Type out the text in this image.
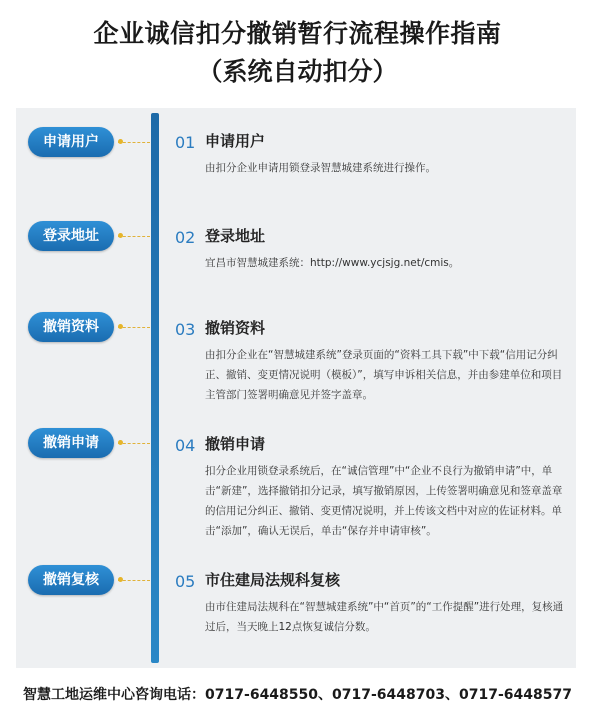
企业诚信扣分撤销暂行流程操作指南
（系统自动扣分）
申请用户	01 申请用户
由扣分企业申请用锁登录智慧城建系统进行操作。
登录地址	02 登录地址
宜昌市智慧城建系统：http://www.ycjsjg.net/cmis。
撤销资料	03 撤销资料
由扣分企业在“智慧城建系统”登录页面的“资料工具下载”中下载“信用记分纠正、撤销、变更情况说明（模板）”，填写申诉相关信息，并由参建单位和项目主管部门签署明确意见并签字盖章。
撤销申请	04 撤销申请
扣分企业用锁登录系统后，在“诚信管理”中“企业不良行为撤销申请”中，单击“新建”，选择撤销扣分记录，填写撤销原因，上传签署明确意见和签章盖章的信用记分纠正、撤销、变更情况说明，并上传该文档中对应的佐证材料。单击“添加”，确认无误后，单击“保存并申请审核”。
撤销复核	05 市住建局法规科复核
由市住建局法规科在“智慧城建系统”中“首页”的“工作提醒”进行处理，复核通过后，当天晚上12点恢复诚信分数。
智慧工地运维中心咨询电话：0717-6448550、0717-6448703、0717-6448577
